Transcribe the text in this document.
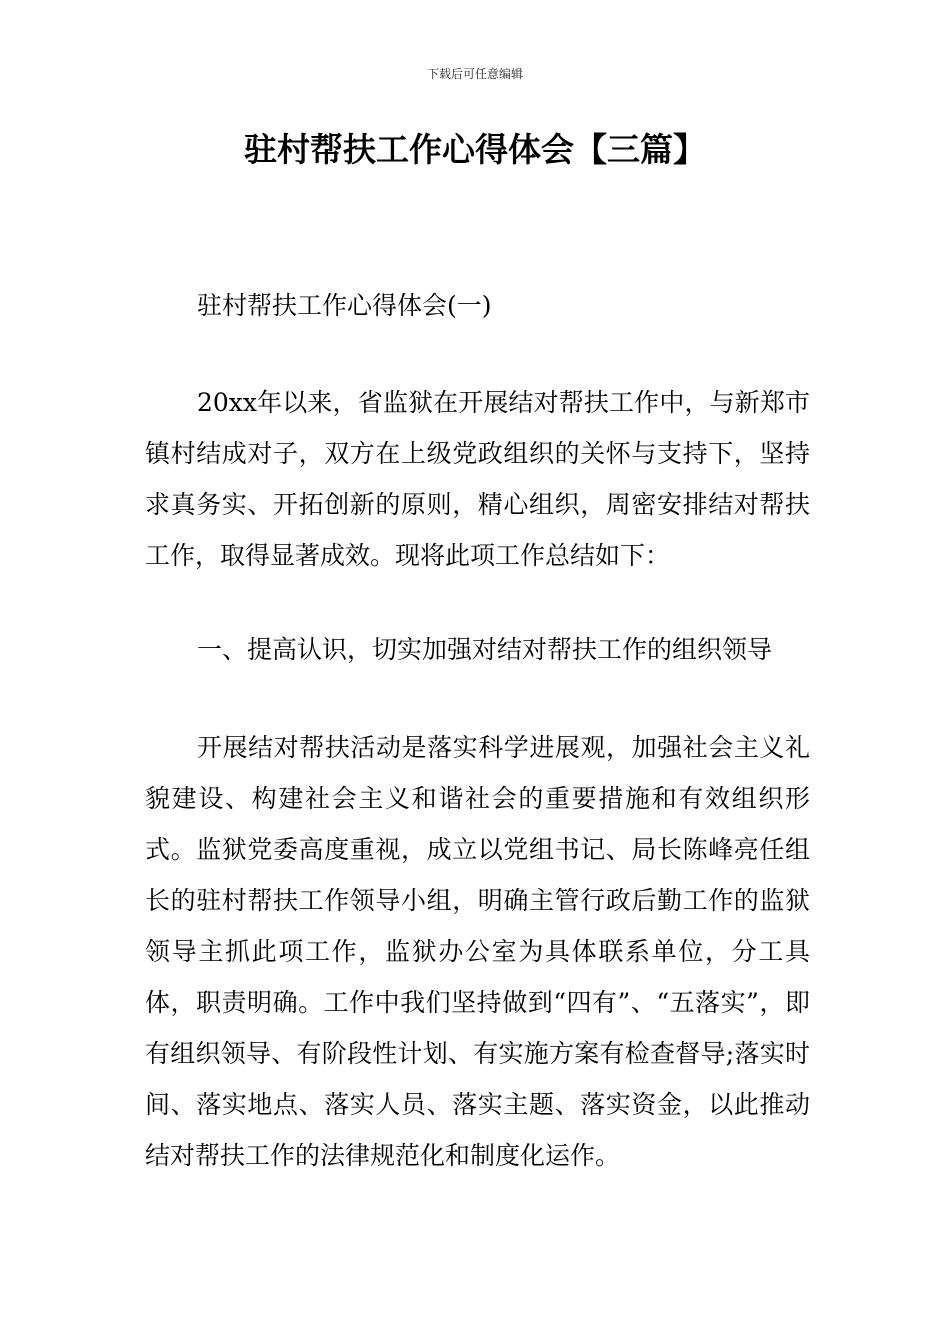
下载后可任意编辑
驻村帮扶工作心得体会【三篇】

驻村帮扶工作心得体会(一)

20xx年以来，省监狱在开展结对帮扶工作中，与新郑市镇村结成对子，双方在上级党政组织的关怀与支持下，坚持求真务实、开拓创新的原则，精心组织，周密安排结对帮扶工作，取得显著成效。现将此项工作总结如下：

一、提高认识，切实加强对结对帮扶工作的组织领导

开展结对帮扶活动是落实科学进展观，加强社会主义礼貌建设、构建社会主义和谐社会的重要措施和有效组织形式。监狱党委高度重视，成立以党组书记、局长陈峰亮任组长的驻村帮扶工作领导小组，明确主管行政后勤工作的监狱领导主抓此项工作，监狱办公室为具体联系单位，分工具体，职责明确。工作中我们坚持做到“四有”、“五落实”，即有组织领导、有阶段性计划、有实施方案有检查督导;落实时间、落实地点、落实人员、落实主题、落实资金，以此推动结对帮扶工作的法律规范化和制度化运作。
